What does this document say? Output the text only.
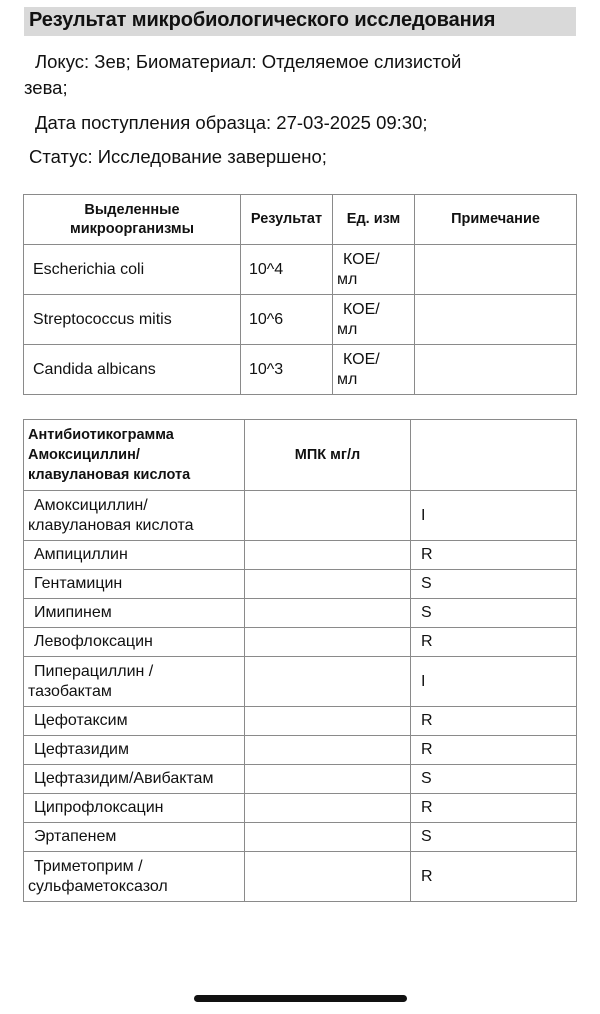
Результат микробиологического исследования
Локус: Зев; Биоматериал: Отделяемое слизистой
зева;
Дата поступления образца: 27-03-2025 09:30;
Статус: Исследование завершено;
Выделенные
микроорганизмы	Результат	Ед. изм	Примечание
Escherichia coli	10^4	КОЕ/
мл	

Streptococcus mitis	10^6	КОЕ/
мл	

Candida albicans	10^3	КОЕ/
мл	

Антибиотикограмма
Амоксициллин/
клавулановая кислота	МПК мг/л	

Амоксициллин/
клавулановая кислота		I

Ампициллин		R

Гентамицин		S

Имипинем		S

Левофлоксацин		R

Пиперациллин /
тазобактам		I

Цефотаксим		R

Цефтазидим		R

Цефтазидим/Авибактам		S

Ципрофлоксацин		R

Эртапенем		S

Триметоприм /
сульфаметоксазол		R
